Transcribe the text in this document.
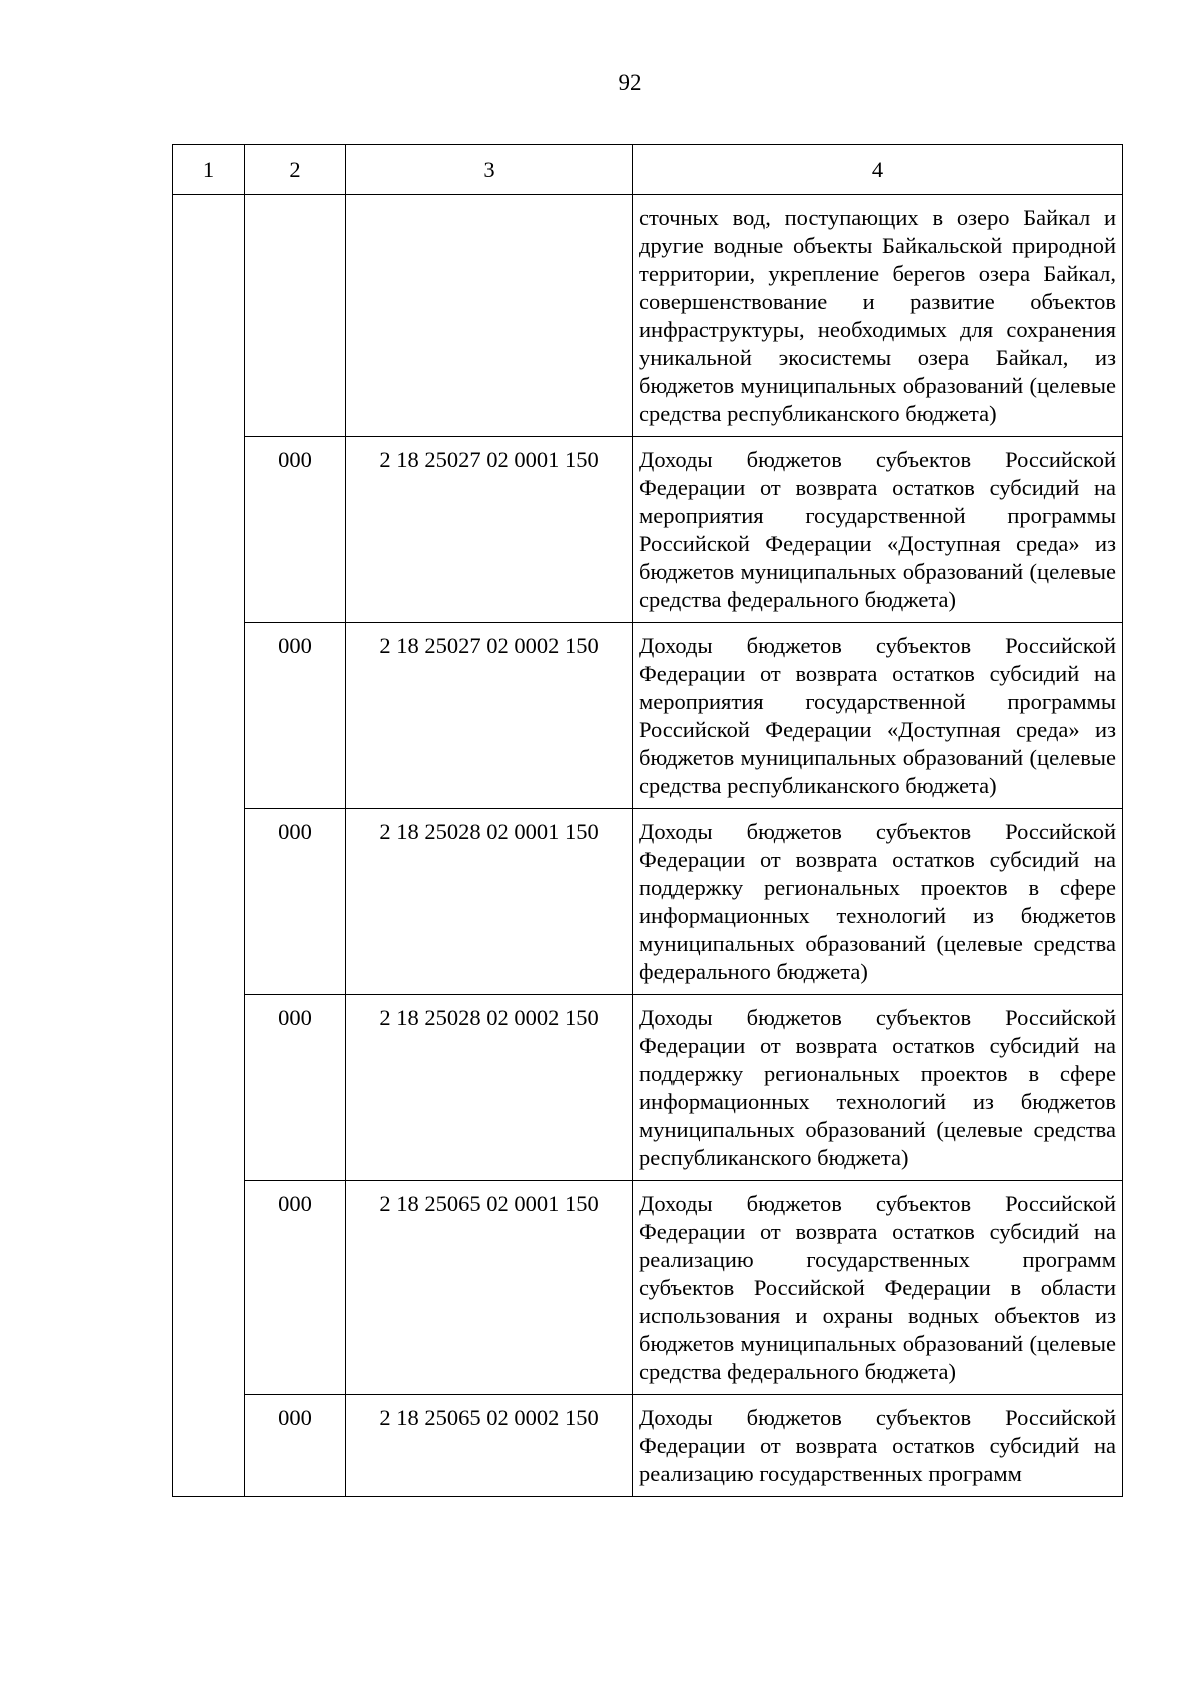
92
1	2	3	4

			сточных вод, поступающих в озеро Байкал и другие водные объекты Байкальской природной территории, укрепление берегов озера Байкал, совершенствование и развитие объектов инфраструктуры, необходимых для сохранения уникальной экосистемы озера Байкал, из бюджетов муниципальных образований (целевые средства республиканского бюджета)

	000	2 18 25027 02 0001 150	Доходы бюджетов субъектов Российской Федерации от возврата остатков субсидий на мероприятия государственной программы Российской Федерации «Доступная среда» из бюджетов муниципальных образований (целевые средства федерального бюджета)

	000	2 18 25027 02 0002 150	Доходы бюджетов субъектов Российской Федерации от возврата остатков субсидий на мероприятия государственной программы Российской Федерации «Доступная среда» из бюджетов муниципальных образований (целевые средства республиканского бюджета)

	000	2 18 25028 02 0001 150	Доходы бюджетов субъектов Российской Федерации от возврата остатков субсидий на поддержку региональных проектов в сфере информационных технологий из бюджетов муниципальных образований (целевые средства федерального бюджета)

	000	2 18 25028 02 0002 150	Доходы бюджетов субъектов Российской Федерации от возврата остатков субсидий на поддержку региональных проектов в сфере информационных технологий из бюджетов муниципальных образований (целевые средства республиканского бюджета)

	000	2 18 25065 02 0001 150	Доходы бюджетов субъектов Российской Федерации от возврата остатков субсидий на реализацию государственных программ субъектов Российской Федерации в области использования и охраны водных объектов из бюджетов муниципальных образований (целевые средства федерального бюджета)

	000	2 18 25065 02 0002 150	Доходы бюджетов субъектов Российской Федерации от возврата остатков субсидий на реализацию государственных программ
